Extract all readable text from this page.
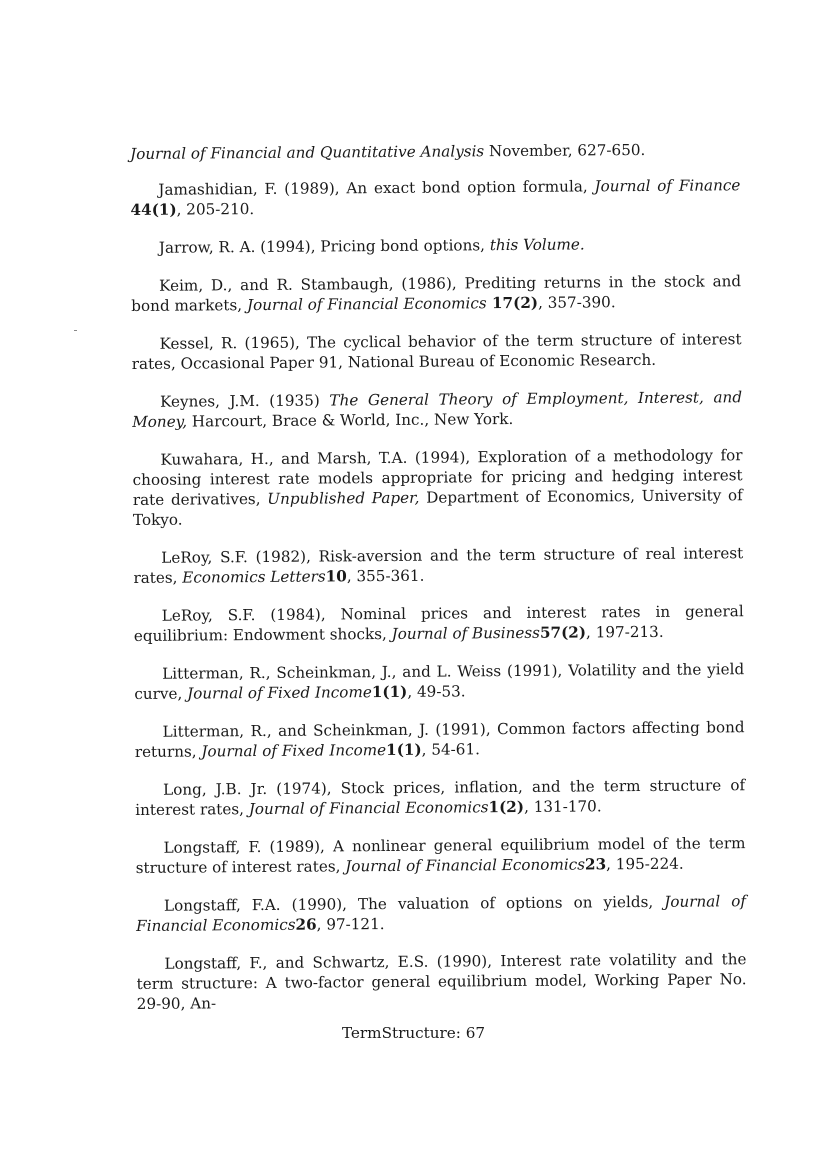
Journal of Financial and Quantitative Analysis November, 627-650.

Jamashidian, F. (1989), An exact bond option formula, Journal of Finance 44(1), 205-210.

Jarrow, R. A. (1994), Pricing bond options, this Volume.

Keim, D., and R. Stambaugh, (1986), Prediting returns in the stock and bond markets, Journal of Financial Economics 17(2), 357-390.

Kessel, R. (1965), The cyclical behavior of the term structure of interest rates, Occasional Paper 91, National Bureau of Economic Research.

Keynes, J.M. (1935) The General Theory of Employment, Interest, and Money, Harcourt, Brace & World, Inc., New York.

Kuwahara, H., and Marsh, T.A. (1994), Exploration of a methodology for choosing interest rate models appropriate for pricing and hedging interest rate derivatives, Unpublished Paper, Department of Economics, University of Tokyo.

LeRoy, S.F. (1982), Risk-aversion and the term structure of real interest rates, Economics Letters10, 355-361.

LeRoy, S.F. (1984), Nominal prices and interest rates in general equilibrium: Endowment shocks, Journal of Business57(2), 197-213.

Litterman, R., Scheinkman, J., and L. Weiss (1991), Volatility and the yield curve, Journal of Fixed Income1(1), 49-53.

Litterman, R., and Scheinkman, J. (1991), Common factors affecting bond returns, Journal of Fixed Income1(1), 54-61.

Long, J.B. Jr. (1974), Stock prices, inflation, and the term structure of interest rates, Journal of Financial Economics1(2), 131-170.

Longstaff, F. (1989), A nonlinear general equilibrium model of the term structure of interest rates, Journal of Financial Economics23, 195-224.

Longstaff, F.A. (1990), The valuation of options on yields, Journal of Financial Economics26, 97-121.

Longstaff, F., and Schwartz, E.S. (1990), Interest rate volatility and the term structure: A two-factor general equilibrium model, Working Paper No. 29-90, An-

TermStructure: 67
